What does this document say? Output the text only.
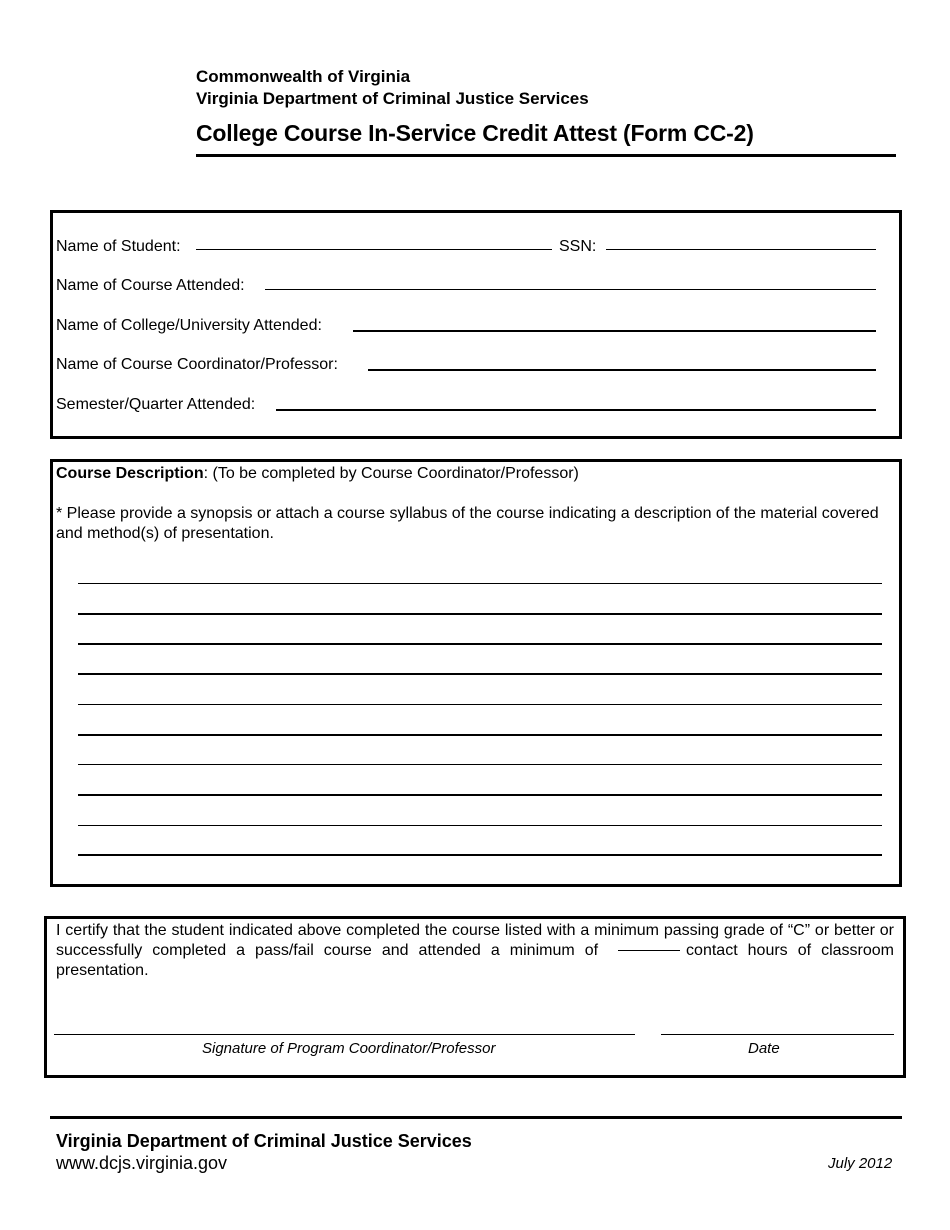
Commonwealth of Virginia
Virginia Department of Criminal Justice Services
College Course In-Service Credit Attest (Form CC-2)
Name of Student:	SSN:
Name of Course Attended:
Name of College/University Attended:
Name of Course Coordinator/Professor:
Semester/Quarter Attended:
Course Description: (To be completed by Course Coordinator/Professor)
* Please provide a synopsis or attach a course syllabus of the course indicating a description of the material covered and method(s) of presentation.
I certify that the student indicated above completed the course listed with a minimum passing grade of “C” or better or successfully completed a pass/fail course and attended a minimum of	contact hours of classroom presentation.
Signature of Program Coordinator/Professor	Date
Virginia Department of Criminal Justice Services
www.dcjs.virginia.gov	July 2012
